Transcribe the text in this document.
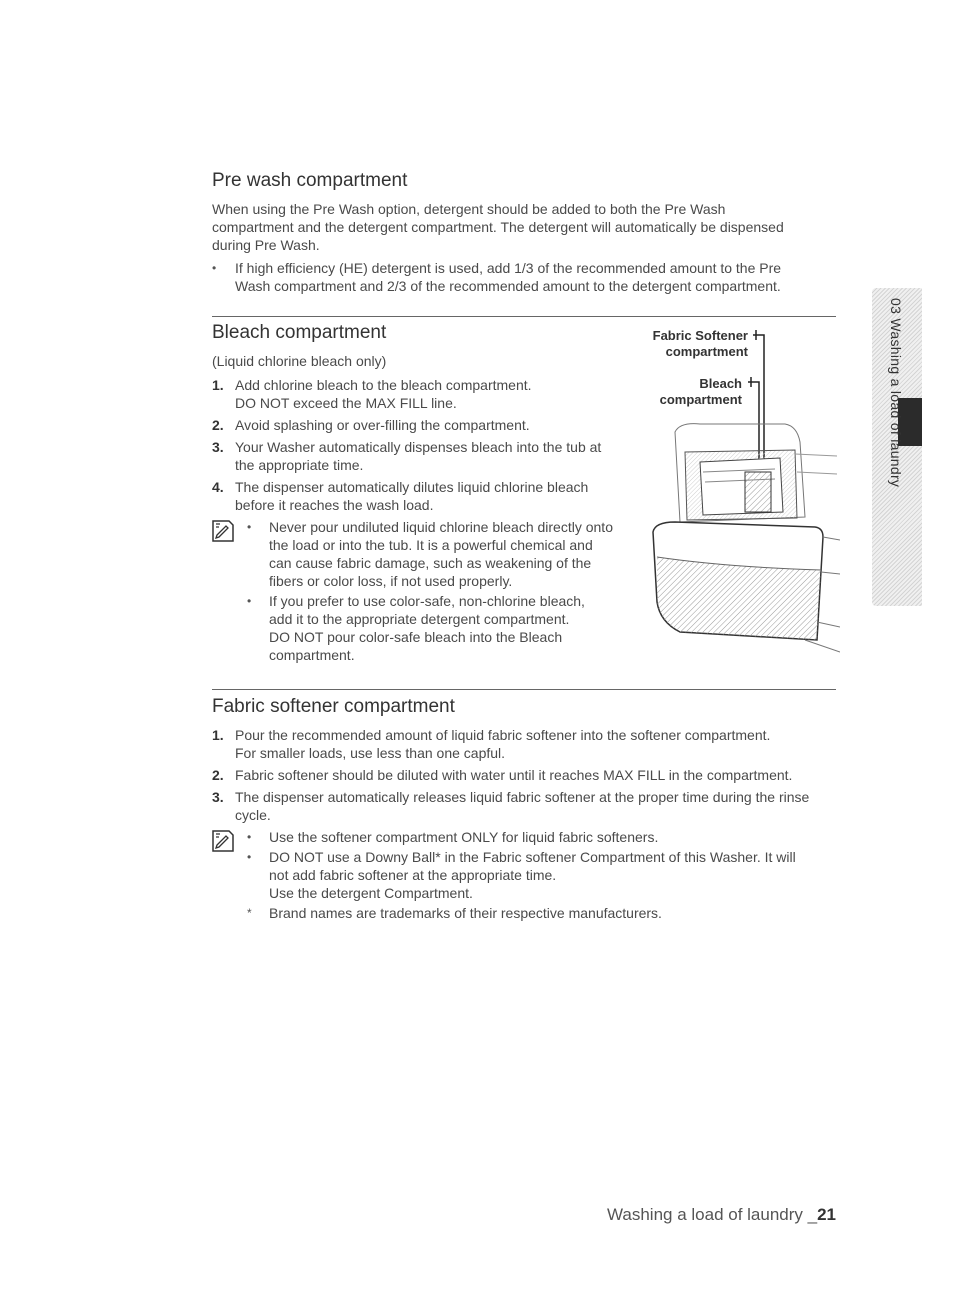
Pre wash compartment
When using the Pre Wash option, detergent should be added to both the Pre Wash
compartment and the detergent compartment. The detergent will automatically be dispensed
during Pre Wash.
• If high efficiency (HE) detergent is used, add 1/3 of the recommended amount to the Pre
Wash compartment and 2/3 of the recommended amount to the detergent compartment.
Bleach compartment

(Liquid chlorine bleach only)

1. Add chlorine bleach to the bleach compartment.
DO NOT exceed the MAX FILL line.
2. Avoid splashing or over-filling the compartment.
3. Your Washer automatically dispenses bleach into the tub at
the appropriate time.
4. The dispenser automatically dilutes liquid chlorine bleach
before it reaches the wash load.
• Never pour undiluted liquid chlorine bleach directly onto
the load or into the tub. It is a powerful chemical and
can cause fabric damage, such as weakening of the
fibers or color loss, if not used properly.
• If you prefer to use color-safe, non-chlorine bleach,
add it to the appropriate detergent compartment.
DO NOT pour color-safe bleach into the Bleach
compartment.
Fabric Softener
compartment
Bleach
compartment
Fabric softener compartment
1. Pour the recommended amount of liquid fabric softener into the softener compartment.
For smaller loads, use less than one capful.
2. Fabric softener should be diluted with water until it reaches MAX FILL in the compartment.
3. The dispenser automatically releases liquid fabric softener at the proper time during the rinse
cycle.
• Use the softener compartment ONLY for liquid fabric softeners.
• DO NOT use a Downy Ball* in the Fabric softener Compartment of this Washer. It will
not add fabric softener at the appropriate time.
Use the detergent Compartment.
* Brand names are trademarks of their respective manufacturers.
03 Washing a load of laundry
Washing a load of laundry _21
